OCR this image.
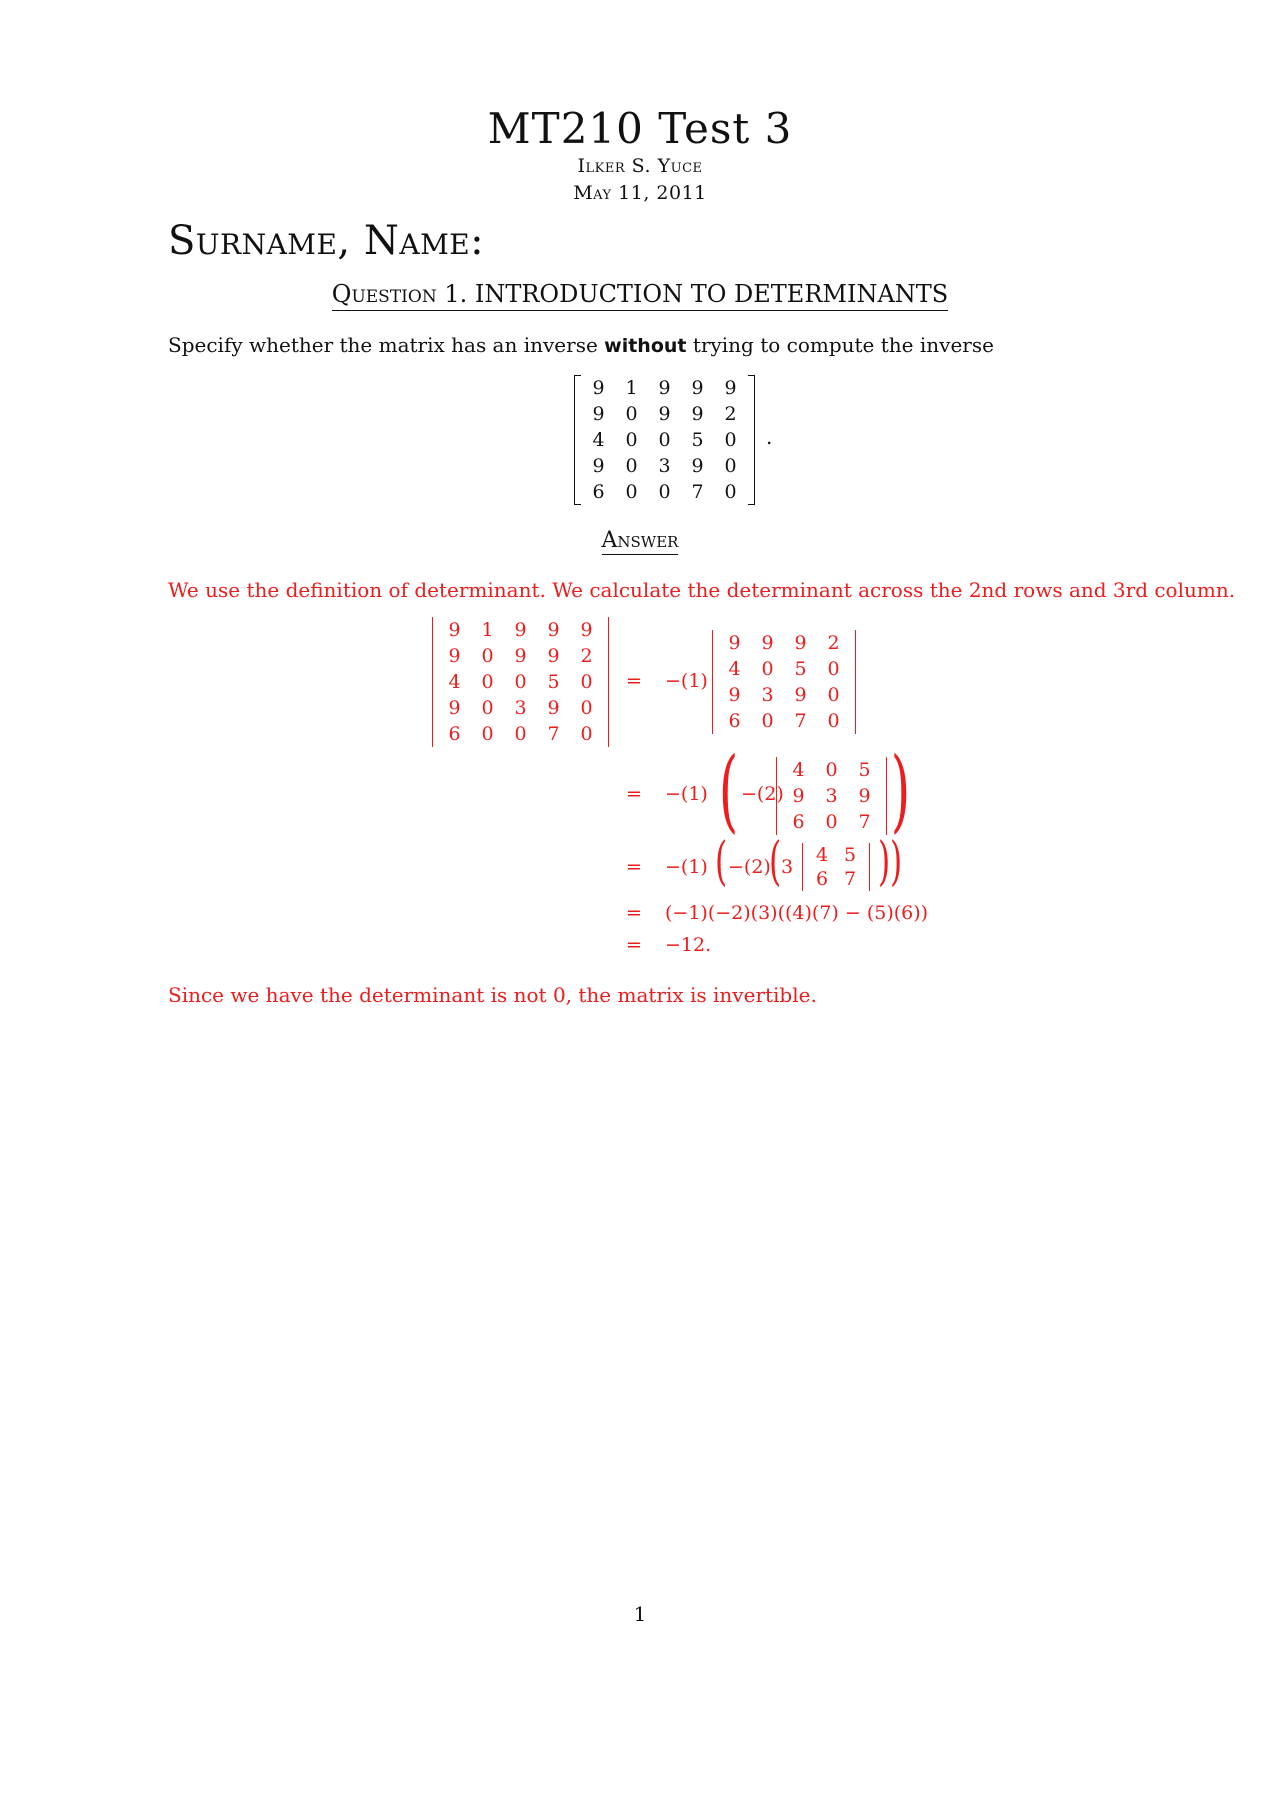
MT210 Test 3
Ilker S. Yuce
May 11, 2011
Surname, Name:
Question 1. INTRODUCTION TO DETERMINANTS
Specify whether the matrix has an inverse without trying to compute the inverse
9	1	9	9	9
9	0	9	9	2
4	0	0	5	0
9	0	3	9	0
6	0	0	7	0
.
Answer
We use the definition of determinant. We calculate the determinant across the 2nd rows and 3rd column.
9	1	9	9	9
9	0	9	9	2
4	0	0	5	0
9	0	3	9	0
6	0	0	7	0
= −(1)
9	9	9	2
4	0	5	0
9	3	9	0
6	0	7	0
= −(1) ( −(2)
4	0	5
9	3	9
6	0	7 )
= −(1) ( −(2)
( 3
4 5
6 7 ) )
= (−1)(−2)(3)((4)(7) − (5)(6))
= −12.
Since we have the determinant is not 0, the matrix is invertible.
1
